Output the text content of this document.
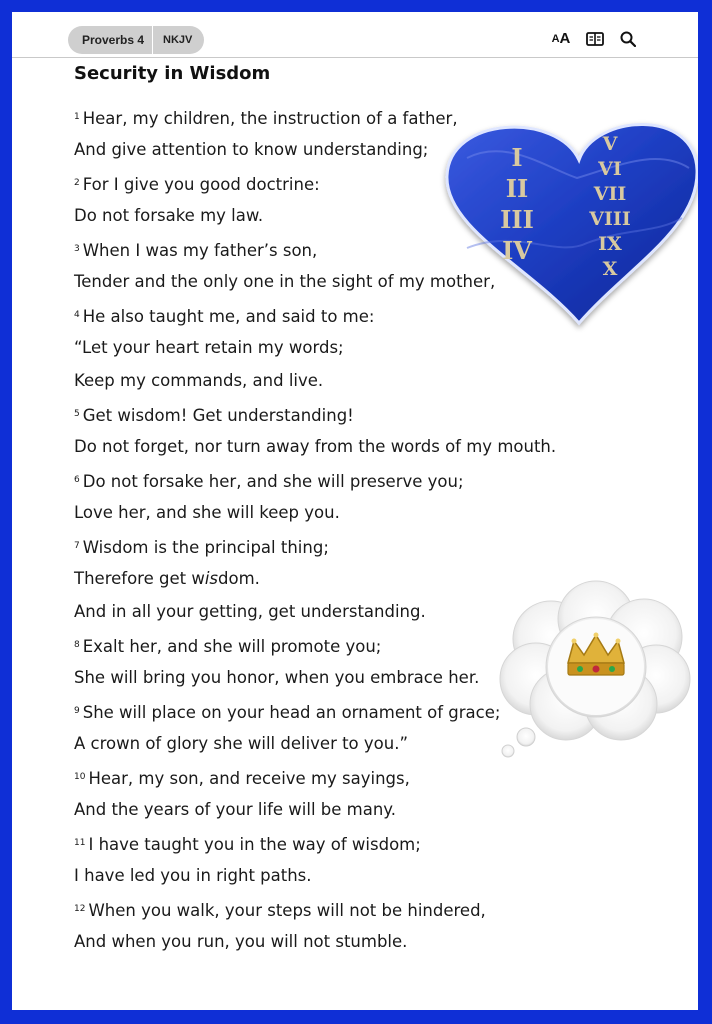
Proverbs 4	NKJV	A A
Security in Wisdom
$^1$ Hear, my children, the instruction of a father,
And give attention to know understanding;
$^2$ For I give you good doctrine:
Do not forsake my law.
$^3$ When I was my father’s son,
Tender and the only one in the sight of my mother,
$^4$ He also taught me, and said to me:
“Let your heart retain my words;
Keep my commands, and live.
$^5$ Get wisdom! Get understanding!
Do not forget, nor turn away from the words of my mouth.
$^6$ Do not forsake her, and she will preserve you;
Love her, and she will keep you.
$^7$ Wisdom is the principal thing;
Therefore get wisdom.
And in all your getting, get understanding.
$^8$ Exalt her, and she will promote you;
She will bring you honor, when you embrace her.
$^9$ She will place on your head an ornament of grace;
A crown of glory she will deliver to you.”
$^{10}$ Hear, my son, and receive my sayings,
And the years of your life will be many.
$^{11}$ I have taught you in the way of wisdom;
I have led you in right paths.
$^{12}$ When you walk, your steps will not be hindered,
And when you run, you will not stumble.
I
II
III
IV
V
VI
VII
VIII
IX
X
